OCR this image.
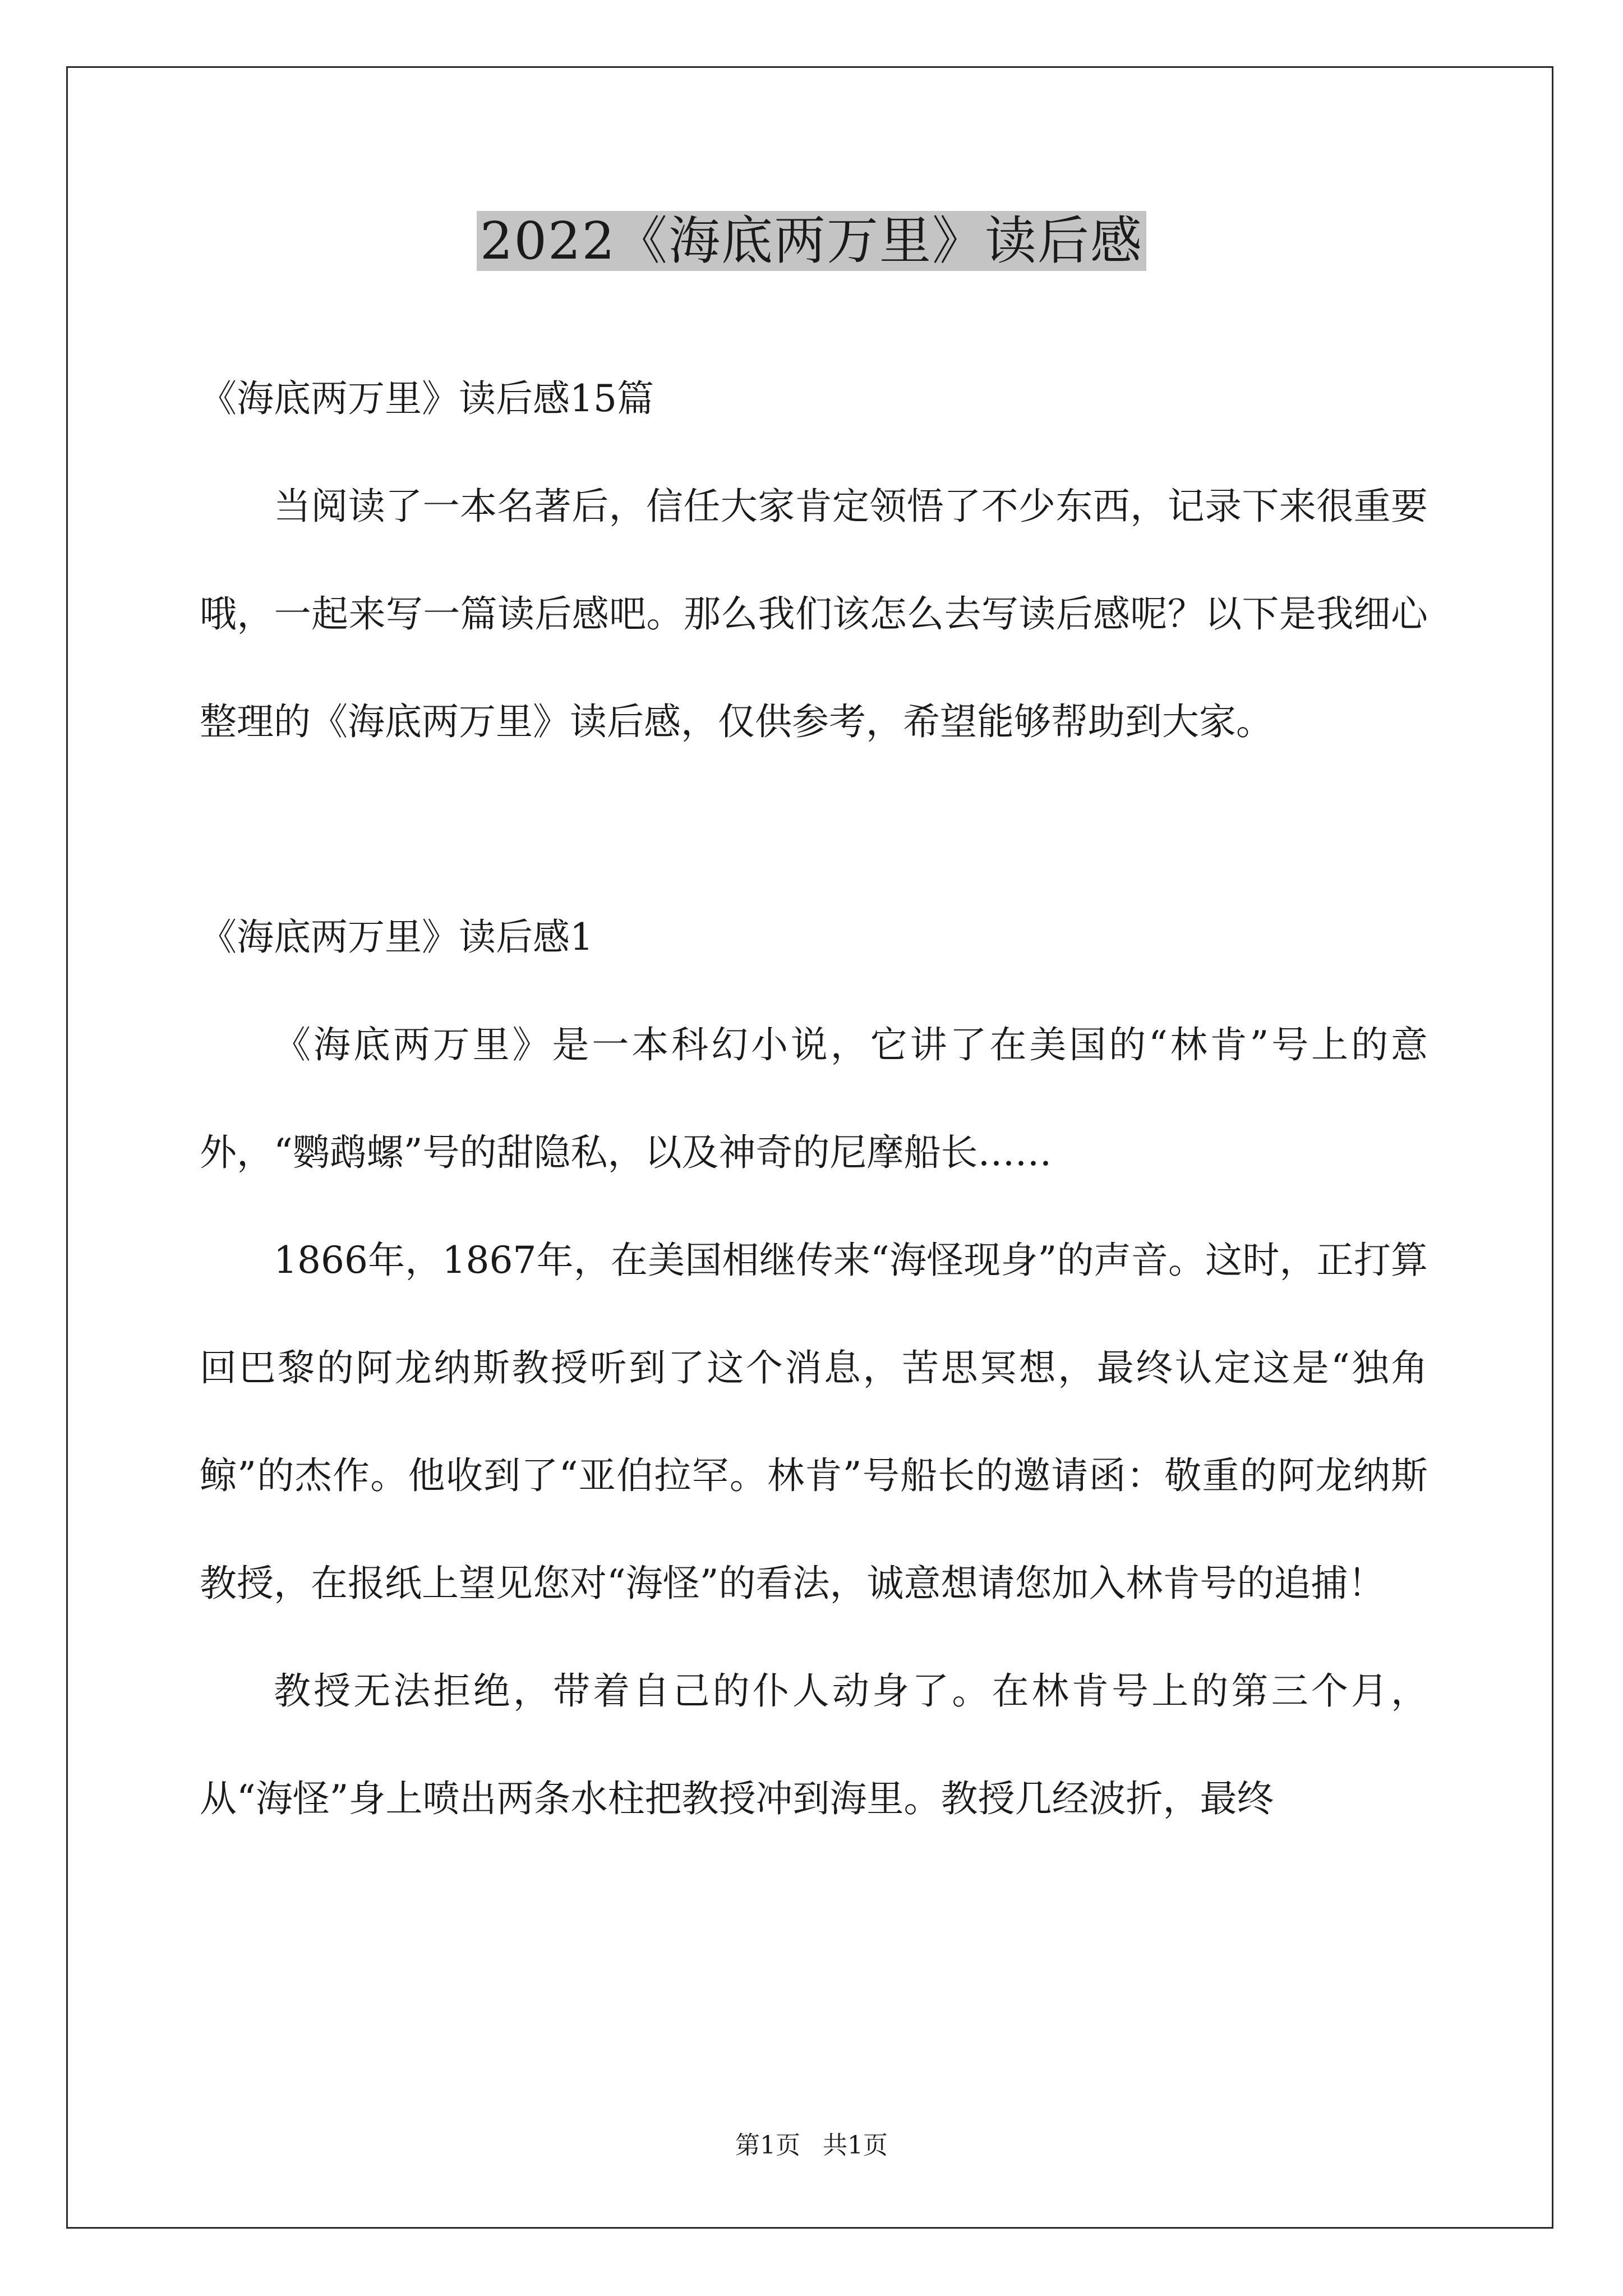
2022《海底两万里》读后感

《海底两万里》读后感15篇

当阅读了一本名著后，信任大家肯定领悟了不少东西，记录下来很重要哦，一起来写一篇读后感吧。那么我们该怎么去写读后感呢？以下是我细心整理的《海底两万里》读后感，仅供参考，希望能够帮助到大家。

《海底两万里》读后感1

《海底两万里》是一本科幻小说，它讲了在美国的“林肯”号上的意外，“鹦鹉螺”号的甜隐私，以及神奇的尼摩船长……

1866年，1867年，在美国相继传来“海怪现身”的声音。这时，正打算回巴黎的阿龙纳斯教授听到了这个消息，苦思冥想，最终认定这是“独角鲸”的杰作。他收到了“亚伯拉罕。林肯”号船长的邀请函：敬重的阿龙纳斯教授，在报纸上望见您对“海怪”的看法，诚意想请您加入林肯号的追捕！

教授无法拒绝，带着自己的仆人动身了。在林肯号上的第三个月，从“海怪”身上喷出两条水柱把教授冲到海里。教授几经波折，最终

第1页 共1页
